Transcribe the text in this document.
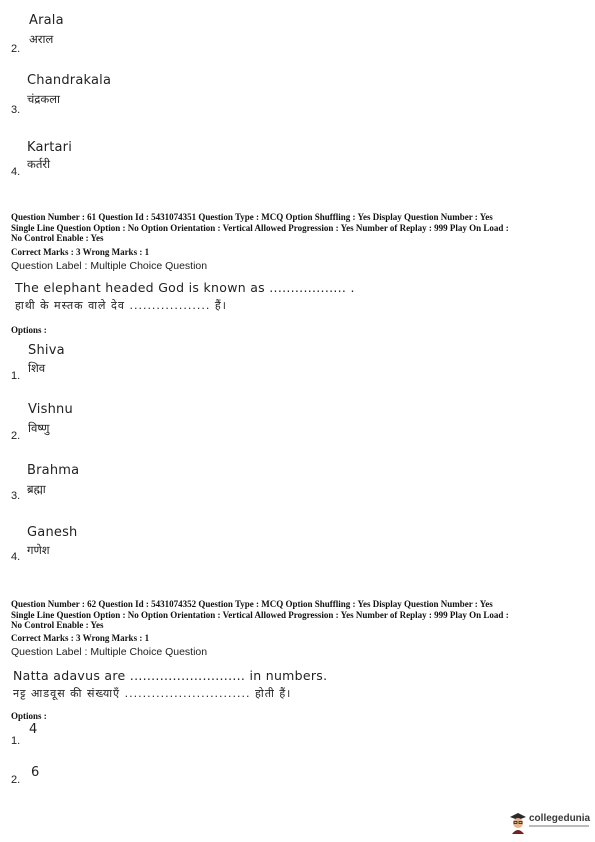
Arala
अराल
2.
Chandrakala
चंद्रकला
3.
Kartari
कर्तरी
4.
Question Number : 61 Question Id : 5431074351 Question Type : MCQ Option Shuffling : Yes Display Question Number : Yes
Single Line Question Option : No Option Orientation : Vertical Allowed Progression : Yes Number of Replay : 999 Play On Load :
No Control Enable : Yes
Correct Marks : 3 Wrong Marks : 1
Question Label : Multiple Choice Question
The elephant headed God is known as .................. .
हाथी के मस्तक वाले देव .................. हैं।
Options :
Shiva
शिव
1.
Vishnu
विष्णु
2.
Brahma
ब्रह्मा
3.
Ganesh
गणेश
4.
Question Number : 62 Question Id : 5431074352 Question Type : MCQ Option Shuffling : Yes Display Question Number : Yes
Single Line Question Option : No Option Orientation : Vertical Allowed Progression : Yes Number of Replay : 999 Play On Load :
No Control Enable : Yes
Correct Marks : 3 Wrong Marks : 1
Question Label : Multiple Choice Question
Natta adavus are ........................... in numbers.
नट्ट आडवूस की संख्याएँ ............................ होती हैं।
Options :
4
1.
6
2.
collegedunia
